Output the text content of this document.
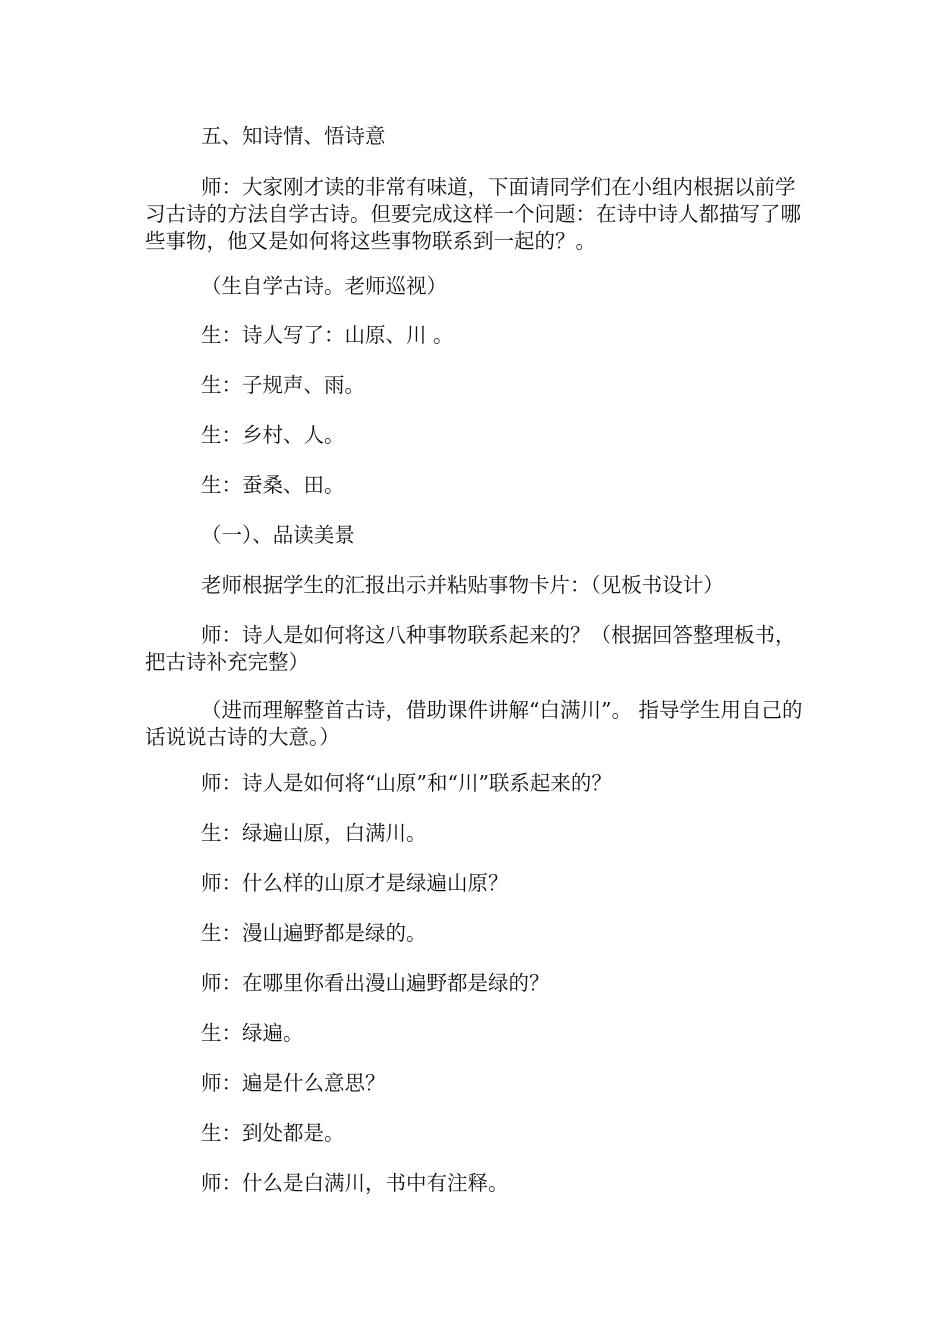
五、知诗情、悟诗意

师：大家刚才读的非常有味道，下面请同学们在小组内根据以前学习古诗的方法自学古诗。但要完成这样一个问题：在诗中诗人都描写了哪些事物，他又是如何将这些事物联系到一起的？。

（生自学古诗。老师巡视）

生：诗人写了：山原、川 。

生：子规声、雨。

生：乡村、人。

生：蚕桑、田。

（一）、品读美景

老师根据学生的汇报出示并粘贴事物卡片：（见板书设计）

师：诗人是如何将这八种事物联系起来的？（根据回答整理板书，把古诗补充完整）

（进而理解整首古诗，借助课件讲解“白满川”。 指导学生用自己的话说说古诗的大意。）

师：诗人是如何将“山原”和“川”联系起来的？

生：绿遍山原，白满川。

师：什么样的山原才是绿遍山原？

生：漫山遍野都是绿的。

师：在哪里你看出漫山遍野都是绿的？

生：绿遍。

师：遍是什么意思？

生：到处都是。

师：什么是白满川，书中有注释。
